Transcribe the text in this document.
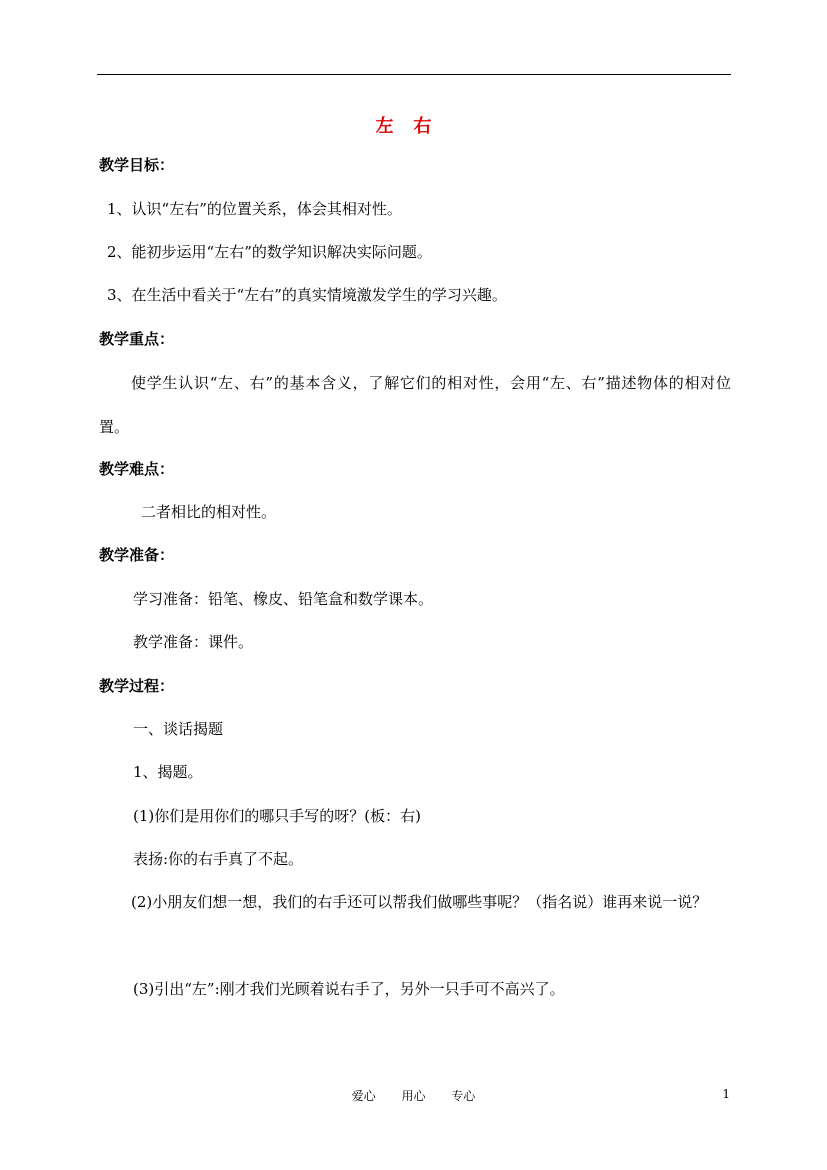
左右
教学目标：
1、认识“左右”的位置关系，体会其相对性。
2、能初步运用“左右”的数学知识解决实际问题。
3、在生活中看关于“左右”的真实情境激发学生的学习兴趣。
教学重点：
使学生认识“左、右”的基本含义，了解它们的相对性，会用“左、右”描述物体的相对位置。
教学难点：
二者相比的相对性。
教学准备：
学习准备：铅笔、橡皮、铅笔盒和数学课本。
教学准备：课件。
教学过程：
一、谈话揭题
1、揭题。
(1)你们是用你们的哪只手写的呀？(板：右)
表扬:你的右手真了不起。
(2)小朋友们想一想，我们的右手还可以帮我们做哪些事呢？（指名说）谁再来说一说？
(3)引出“左”:刚才我们光顾着说右手了，另外一只手可不高兴了。
爱心 用心 专心	1
